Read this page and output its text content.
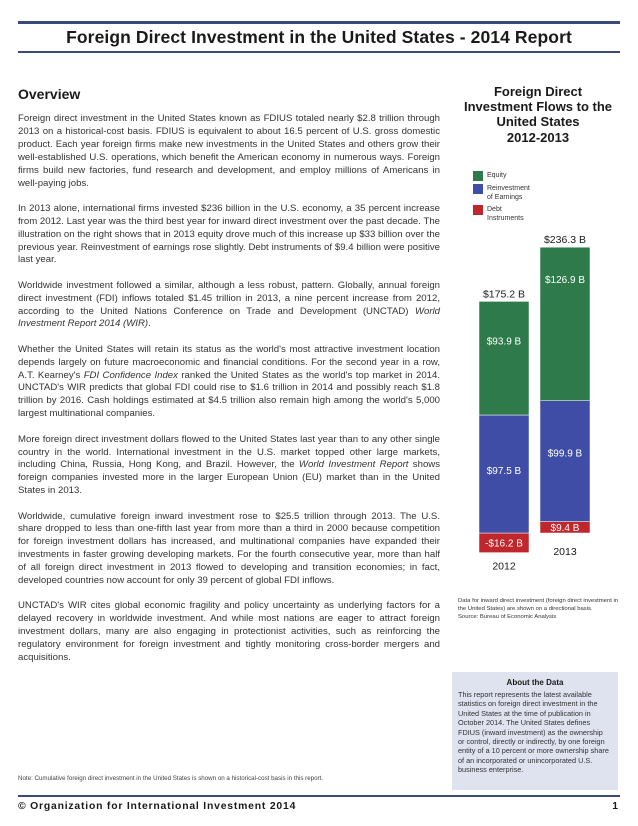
Foreign Direct Investment in the United States - 2014 Report
Overview

Foreign direct investment in the United States known as FDIUS totaled nearly $2.8 trillion through 2013 on a historical-cost basis. FDIUS is equivalent to about 16.5 percent of U.S. gross domestic product. Each year foreign firms make new investments in the United States and others grow their well-established U.S. operations, which benefit the American economy in numerous ways. Foreign firms build new factories, fund research and development, and employ millions of Americans in well-paying jobs.

In 2013 alone, international firms invested $236 billion in the U.S. economy, a 35 percent increase from 2012. Last year was the third best year for inward direct investment over the past decade. The illustration on the right shows that in 2013 equity drove much of this increase up $33 billion over the previous year. Reinvestment of earnings rose slightly. Debt instruments of $9.4 billion were positive last year.

Worldwide investment followed a similar, although a less robust, pattern. Globally, annual foreign direct investment (FDI) inflows totaled $1.45 trillion in 2013, a nine percent increase from 2012, according to the United Nations Conference on Trade and Development (UNCTAD) World Investment Report 2014 (WIR).

Whether the United States will retain its status as the world's most attractive investment location depends largely on future macroeconomic and financial conditions. For the second year in a row, A.T. Kearney's FDI Confidence Index ranked the United States as the world's top market in 2014. UNCTAD's WIR predicts that global FDI could rise to $1.6 trillion in 2014 and possibly reach $1.8 trillion by 2016. Cash holdings estimated at $4.5 trillion also remain high among the world's 5,000 largest multinational companies.

More foreign direct investment dollars flowed to the United States last year than to any other single country in the world. International investment in the U.S. market topped other large markets, including China, Russia, Hong Kong, and Brazil. However, the World Investment Report shows foreign companies invested more in the larger European Union (EU) market than in the United States in 2013.

Worldwide, cumulative foreign inward investment rose to $25.5 trillion through 2013. The U.S. share dropped to less than one-fifth last year from more than a third in 2000 because competition for foreign investment dollars has increased, and multinational companies have expanded their investments in faster growing developing markets. For the fourth consecutive year, more than half of all foreign direct investment in 2013 flowed to developing and transition economies; in fact, developed countries now account for only 39 percent of global FDI inflows.

UNCTAD's WIR cites global economic fragility and policy uncertainty as underlying factors for a delayed recovery in worldwide investment. And while most nations are eager to attract foreign investment dollars, many are also engaging in protectionist activities, such as reinforcing the regulatory environment for foreign investment and tightly monitoring cross-border mergers and acquisitions.

Note: Cumulative foreign direct investment in the United States is shown on a historical-cost basis in this report.
© Organization for International Investment 2014	1
Foreign Direct
Investment Flows to the
United States
2012-2013
-$16.2 B
$97.5 B
$93.9 B
$175.2 B
2012
$9.4 B
$99.9 B
$126.9 B
$236.3 B
2013
Equity
Reinvestment
of Earnings
Debt
Instruments
Data for inward direct investment (foreign direct investment in the United States) are shown on a directional basis.
Source: Bureau of Economic Analysis
About the Data
This report represents the latest available statistics on foreign direct investment in the United States at the time of publication in October 2014. The United States defines FDIUS (inward investment) as the ownership or control, directly or indirectly, by one foreign entity of a 10 percent or more ownership share of an incorporated or unincorporated U.S. business enterprise.
